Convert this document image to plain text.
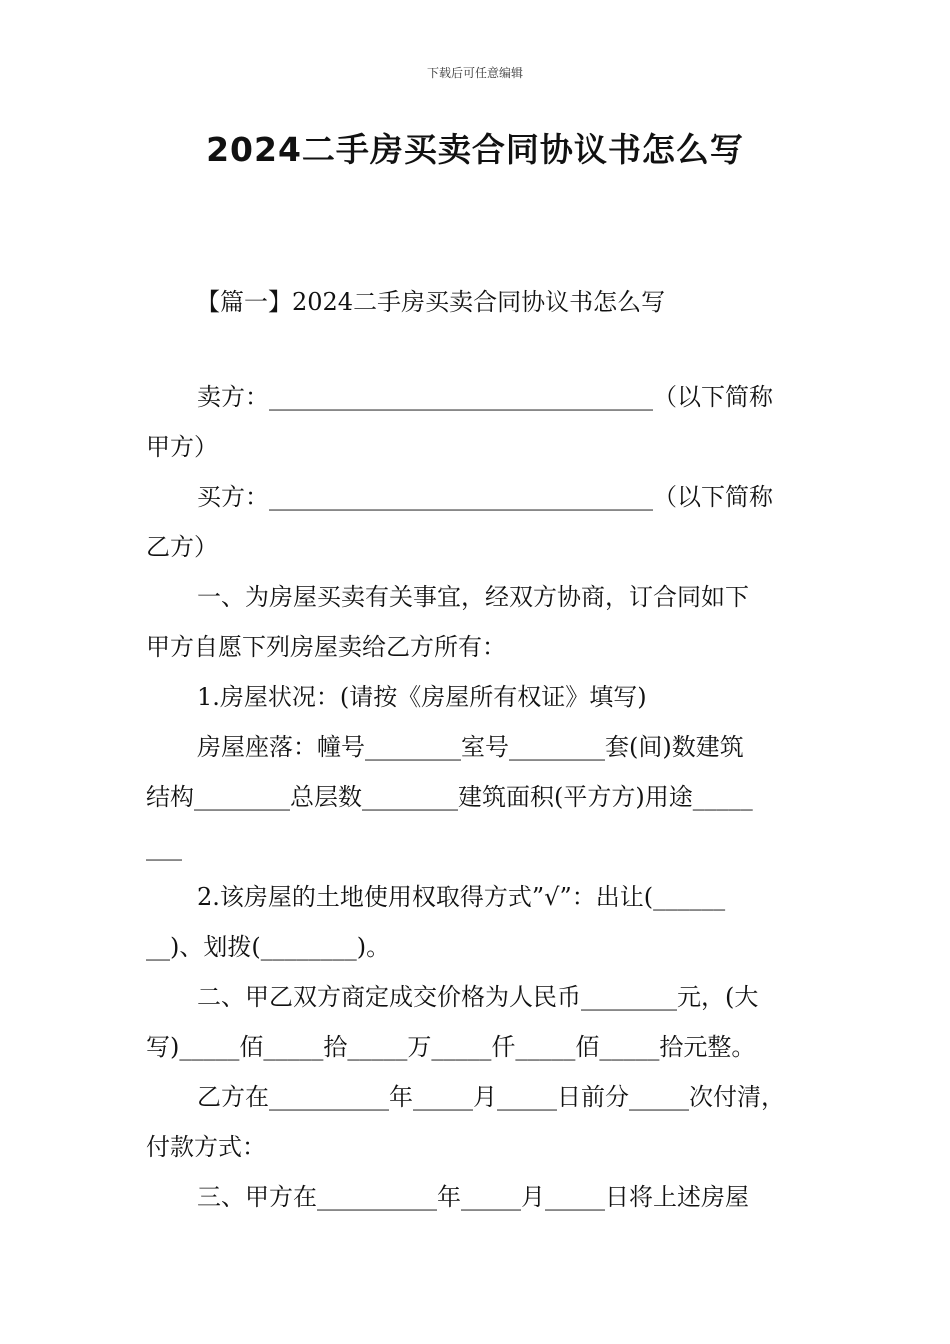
下载后可任意编辑
2024二手房买卖合同协议书怎么写
【篇一】2024二手房买卖合同协议书怎么写
卖方：________________________________（以下简称
甲方）
买方：________________________________（以下简称
乙方）
一、为房屋买卖有关事宜，经双方协商，订合同如下
甲方自愿下列房屋卖给乙方所有：
1.房屋状况：(请按《房屋所有权证》填写)
房屋座落：幢号________室号________套(间)数建筑
结构________总层数________建筑面积(平方方)用途_____
___
2.该房屋的土地使用权取得方式”√”：出让(______
__)、划拨(________)。
二、甲乙双方商定成交价格为人民币________元，(大
写)_____佰_____拾_____万_____仟_____佰_____拾元整。
乙方在__________年_____月_____日前分_____次付清，
付款方式：
三、甲方在__________年_____月_____日将上述房屋
